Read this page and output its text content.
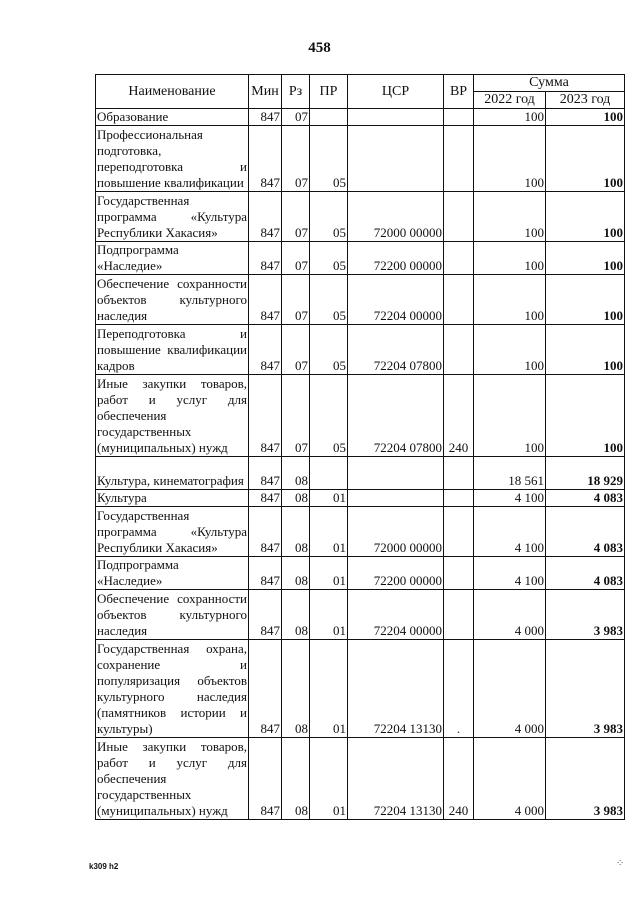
458
Наименование	Мин	Рз	ПР	ЦСР	ВР	Сумма	
						2022 год	2023 год
Образование	847	07				100	100
Профессиональная подготовка, переподготовка и повышение квалификации	847	07	05			100	100
Государственная программа «Культура Республики Хакасия»	847	07	05	72000 00000		100	100
Подпрограмма «Наследие»	847	07	05	72200 00000		100	100
Обеспечение сохранности объектов культурного наследия	847	07	05	72204 00000		100	100
Переподготовка и повышение квалификации кадров	847	07	05	72204 07800		100	100
Иные закупки товаров, работ и услуг для обеспечения государственных (муниципальных) нужд	847	07	05	72204 07800	240	100	100
Культура, кинематография	847	08				18 561	18 929
Культура	847	08	01			4 100	4 083
Государственная программа «Культура Республики Хакасия»	847	08	01	72000 00000		4 100	4 083
Подпрограмма «Наследие»	847	08	01	72200 00000		4 100	4 083
Обеспечение сохранности объектов культурного наследия	847	08	01	72204 00000		4 000	3 983
Государственная охрана, сохранение и популяризация объектов культурного наследия (памятников истории и культуры)	847	08	01	72204 13130	.	4 000	3 983
Иные закупки товаров, работ и услуг для обеспечения государственных (муниципальных) нужд	847	08	01	72204 13130	240	4 000	3 983
k309 h2	⁘
